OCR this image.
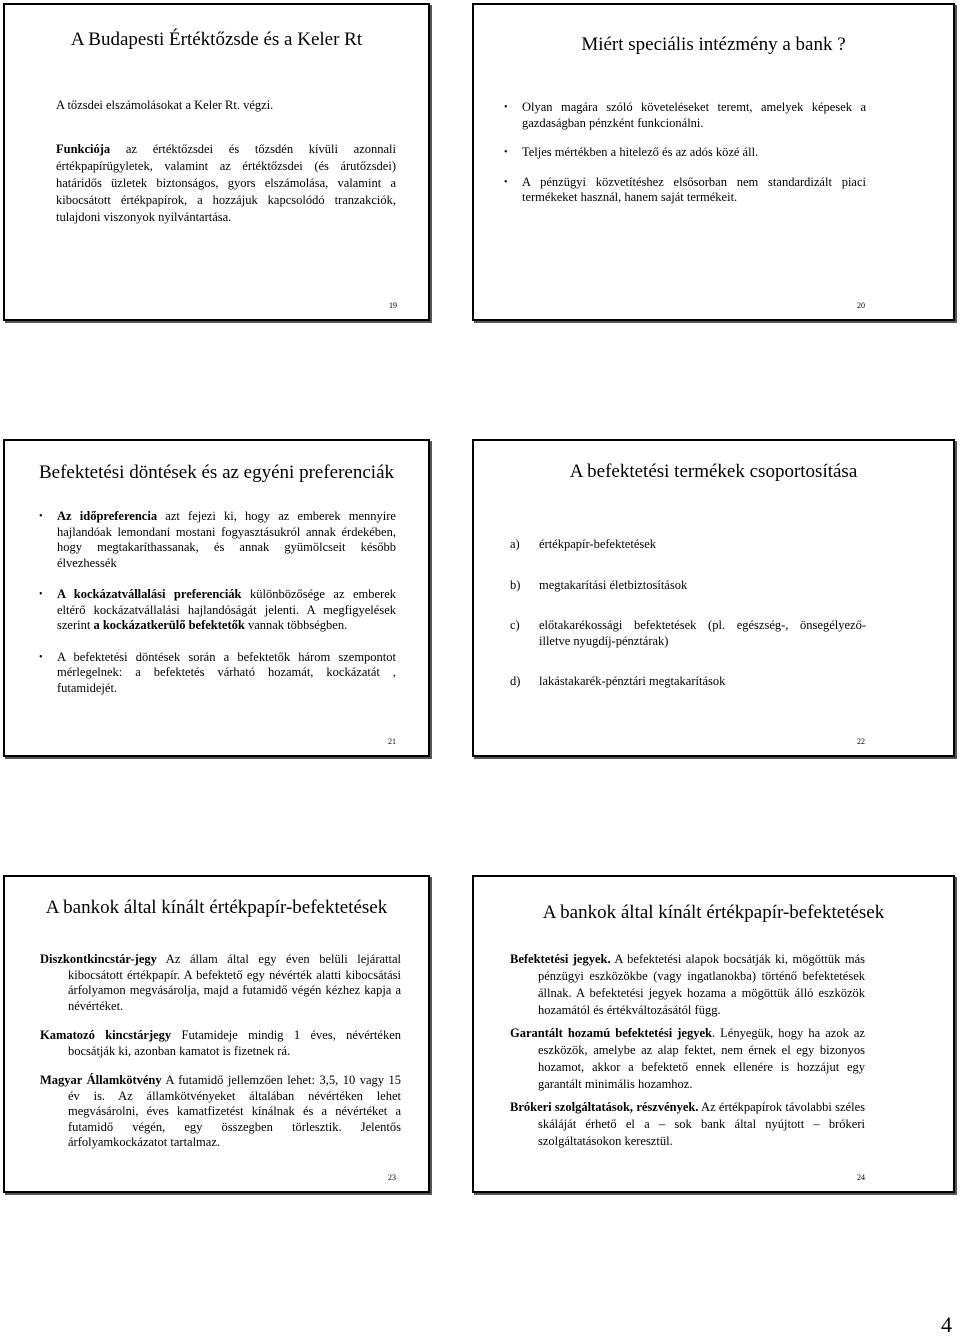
A Budapesti Értéktőzsde és a Keler Rt
A tőzsdei elszámolásokat a Keler Rt. végzi.
Funkciója az értéktőzsdei és tőzsdén kívüli azonnali értékpapírügyletek, valamint az értéktőzsdei (és árutőzsdei) határidős üzletek biztonságos, gyors elszámolása, valamint a kibocsátott értékpapírok, a hozzájuk kapcsolódó tranzakciók, tulajdoni viszonyok nyilvántartása.
19
Miért speciális intézmény a bank ?

• Olyan magára szóló követeléseket teremt, amelyek képesek a gazdaságban pénzként funkcionálni.

• Teljes mértékben a hitelező és az adós közé áll.

• A pénzügyi közvetítéshez elsősorban nem standardizált piaci termékeket használ, hanem saját termékeit.

20
Befektetési döntések és az egyéni preferenciák

• Az időpreferencia azt fejezi ki, hogy az emberek mennyire hajlandóak lemondani mostani fogyasztásukról annak érdekében, hogy megtakaríthassanak, és annak gyümölcseit később élvezhessék

• A kockázatvállalási preferenciák különbözősége az emberek eltérő kockázatvállalási hajlandóságát jelenti. A megfigyelések szerint a kockázatkerülő befektetők vannak többségben.

• A befektetési döntések során a befektetők három szempontot mérlegelnek: a befektetés várható hozamát, kockázatát , futamidejét.

21
A befektetési termékek csoportosítása
a) értékpapír-befektetések
b) megtakarítási életbiztosítások
c) előtakarékossági befektetések (pl. egészség-, önsegélyező- illetve nyugdíj-pénztárak)
d) lakástakarék-pénztári megtakarítások
22
A bankok által kínált értékpapír-befektetések

Diszkontkincstár-jegy Az állam által egy éven belüli lejárattal kibocsátott értékpapír. A befektető egy névérték alatti kibocsátási árfolyamon megvásárolja, majd a futamidő végén kézhez kapja a névértéket.

Kamatozó kincstárjegy Futamideje mindig 1 éves, névértéken bocsátják ki, azonban kamatot is fizetnek rá.

Magyar Államkötvény A futamidő jellemzően lehet: 3,5, 10 vagy 15 év is. Az államkötvényeket általában névértéken lehet megvásárolni, éves kamatfizetést kínálnak és a névértéket a futamidő végén, egy összegben törlesztik. Jelentős árfolyamkockázatot tartalmaz.

23
A bankok által kínált értékpapír-befektetések

Befektetési jegyek. A befektetési alapok bocsátják ki, mögöttük más pénzügyi eszközökbe (vagy ingatlanokba) történő befektetések állnak. A befektetési jegyek hozama a mögöttük álló eszközök hozamától és értékváltozásától függ.

Garantált hozamú befektetési jegyek. Lényegük, hogy ha azok az eszközök, amelybe az alap fektet, nem érnek el egy bizonyos hozamot, akkor a befektető ennek ellenére is hozzájut egy garantált minimális hozamhoz.

Brókeri szolgáltatások, részvények. Az értékpapírok távolabbi széles skáláját érhető el a – sok bank által nyújtott – brókeri szolgáltatásokon keresztül.

24
4
